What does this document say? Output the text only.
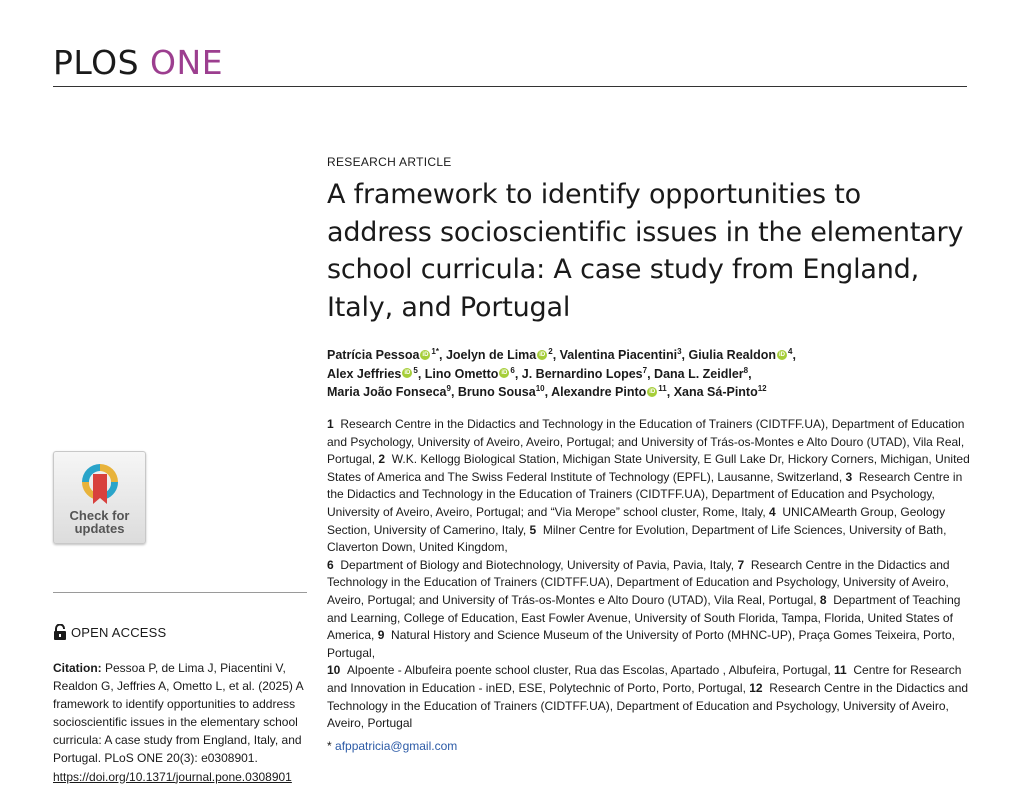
PLOS ONE
Check for
updates
OPEN ACCESS
Citation: Pessoa P, de Lima J, Piacentini V, Realdon G, Jeffries A, Ometto L, et al. (2025) A framework to identify opportunities to address socioscientific issues in the elementary school curricula: A case study from England, Italy, and Portugal. PLoS ONE 20(3): e0308901. https://doi.org/10.1371/journal.pone.0308901
RESEARCH ARTICLE
A framework to identify opportunities to address socioscientific issues in the elementary school curricula: A case study from England, Italy, and Portugal
Patrícia Pessoa iD $^{1*}$, Joelyn de Lima iD $^2$, Valentina Piacentini$^3$, Giulia Realdon iD $^4$,
Alex Jeffries iD $^5$, Lino Ometto iD $^6$, J. Bernardino Lopes$^7$, Dana L. Zeidler$^8$,
Maria João Fonseca$^9$, Bruno Sousa$^{10}$, Alexandre Pinto iD $^{11}$, Xana Sá-Pinto$^{12}$
1 Research Centre in the Didactics and Technology in the Education of Trainers (CIDTFF.UA), Department of Education and Psychology, University of Aveiro, Aveiro, Portugal; and University of Trás-os-Montes e Alto Douro (UTAD), Vila Real, Portugal, 2 W.K. Kellogg Biological Station, Michigan State University, E Gull Lake Dr, Hickory Corners, Michigan, United States of America and The Swiss Federal Institute of Technology (EPFL), Lausanne, Switzerland, 3 Research Centre in the Didactics and Technology in the Education of Trainers (CIDTFF.UA), Department of Education and Psychology, University of Aveiro, Aveiro, Portugal; and “Via Merope” school cluster, Rome, Italy, 4 UNICAMearth Group, Geology Section, University of Camerino, Italy, 5 Milner Centre for Evolution, Department of Life Sciences, University of Bath, Claverton Down, United Kingdom,
6 Department of Biology and Biotechnology, University of Pavia, Pavia, Italy, 7 Research Centre in the Didactics and Technology in the Education of Trainers (CIDTFF.UA), Department of Education and Psychology, University of Aveiro, Aveiro, Portugal; and University of Trás-os-Montes e Alto Douro (UTAD), Vila Real, Portugal, 8 Department of Teaching and Learning, College of Education, East Fowler Avenue, University of South Florida, Tampa, Florida, United States of America, 9 Natural History and Science Museum of the University of Porto (MHNC-UP), Praça Gomes Teixeira, Porto, Portugal,
10 Alpoente - Albufeira poente school cluster, Rua das Escolas, Apartado , Albufeira, Portugal, 11 Centre for Research and Innovation in Education - inED, ESE, Polytechnic of Porto, Porto, Portugal, 12 Research Centre in the Didactics and Technology in the Education of Trainers (CIDTFF.UA), Department of Education and Psychology, University of Aveiro, Aveiro, Portugal
* afppatricia@gmail.com
